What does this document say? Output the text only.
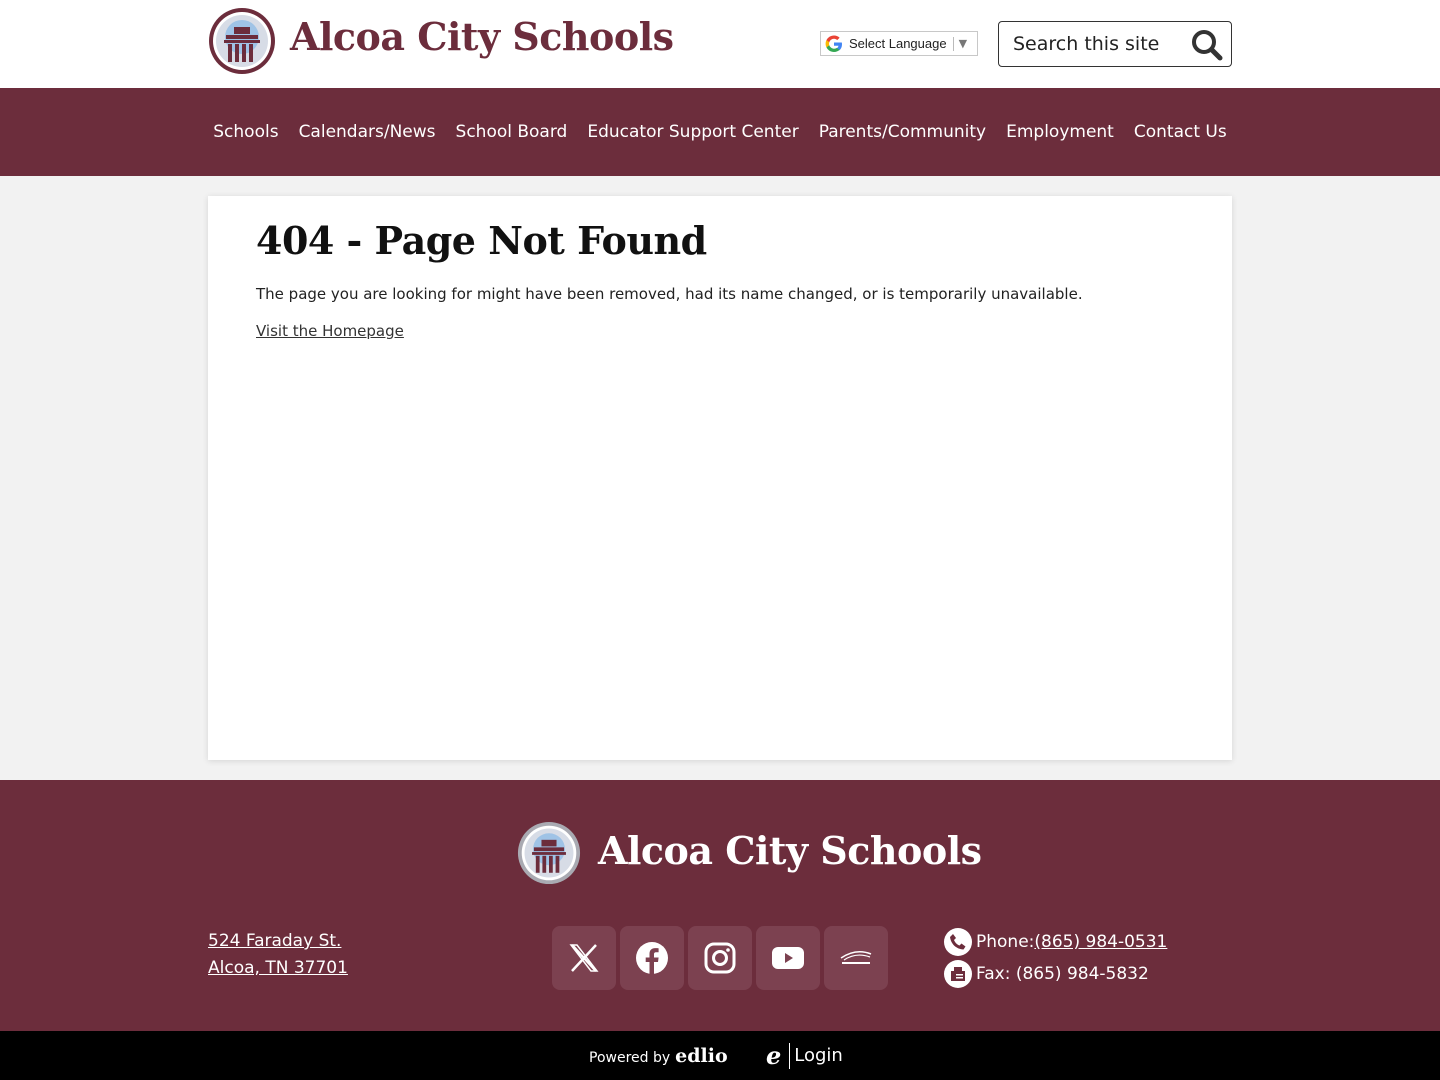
Alcoa City Schools	Select Language ▼
Search this site
Schools	Calendars/News	School Board	Educator Support Center	Parents/Community	Employment	Contact Us
404 - Page Not Found

The page you are looking for might have been removed, had its name changed, or is temporarily unavailable.

Visit the Homepage
Alcoa City Schools
524 Faraday St.
Alcoa, TN 37701
Phone: (865) 984-0531
Fax: (865) 984-5832
Powered by edlio e Login
